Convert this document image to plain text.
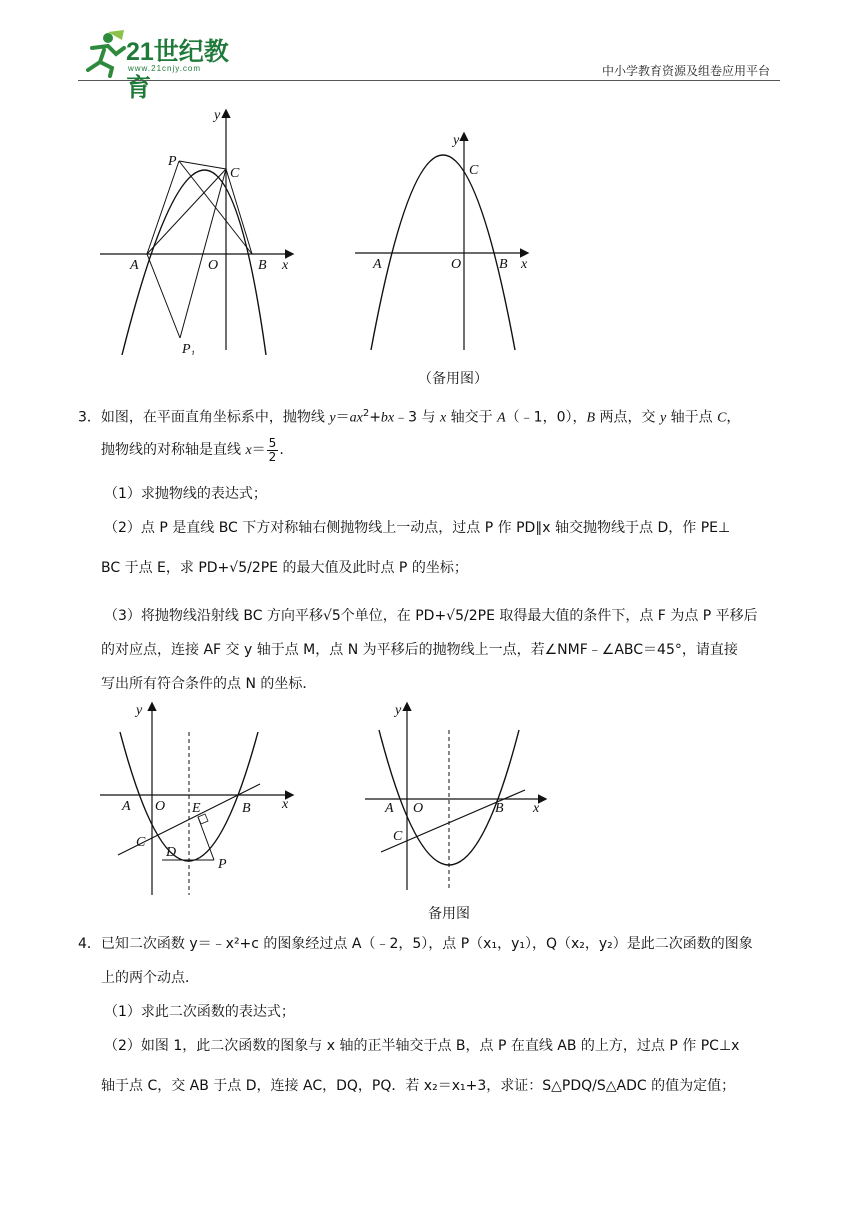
21世纪教育
www.21cnjy.com	中小学教育资源及组卷应用平台
y
P
C
A	O	B x
$P_1$
y
C
A	O	B x
（备用图）
3．如图，在平面直角坐标系中，抛物线 $y=ax^2+bx﹣3$ 与 x 轴交于 A（﹣1，0），B 两点，交 y 轴于点 C，
抛物线的对称轴是直线 $x= \frac{5}{2}$ .
（1）求抛物线的表达式；
（2）点 P 是直线 BC 下方对称轴右侧抛物线上一动点，过点 P 作 PD∥x 轴交抛物线于点 D，作 PE⊥
BC 于点 E，求 PD+√5/2PE 的最大值及此时点 P 的坐标；
（3）将抛物线沿射线 BC 方向平移√5个单位，在 PD+√5/2PE 取得最大值的条件下，点 F 为点 P 平移后
的对应点，连接 AF 交 y 轴于点 M，点 N 为平移后的抛物线上一点，若∠NMF﹣∠ABC＝45°，请直接
写出所有符合条件的点 N 的坐标．
y
A O E	B x
C
D
P
y
A O	B x
C
备用图
4．已知二次函数 y＝﹣x²+c 的图象经过点 A（﹣2，5），点 P（x₁，y₁），Q（x₂，y₂）是此二次函数的图象
上的两个动点．
（1）求此二次函数的表达式；
（2）如图 1，此二次函数的图象与 x 轴的正半轴交于点 B，点 P 在直线 AB 的上方，过点 P 作 PC⊥x
轴于点 C，交 AB 于点 D，连接 AC，DQ，PQ．若 x₂＝x₁+3，求证：S△PDQ/S△ADC 的值为定值；
